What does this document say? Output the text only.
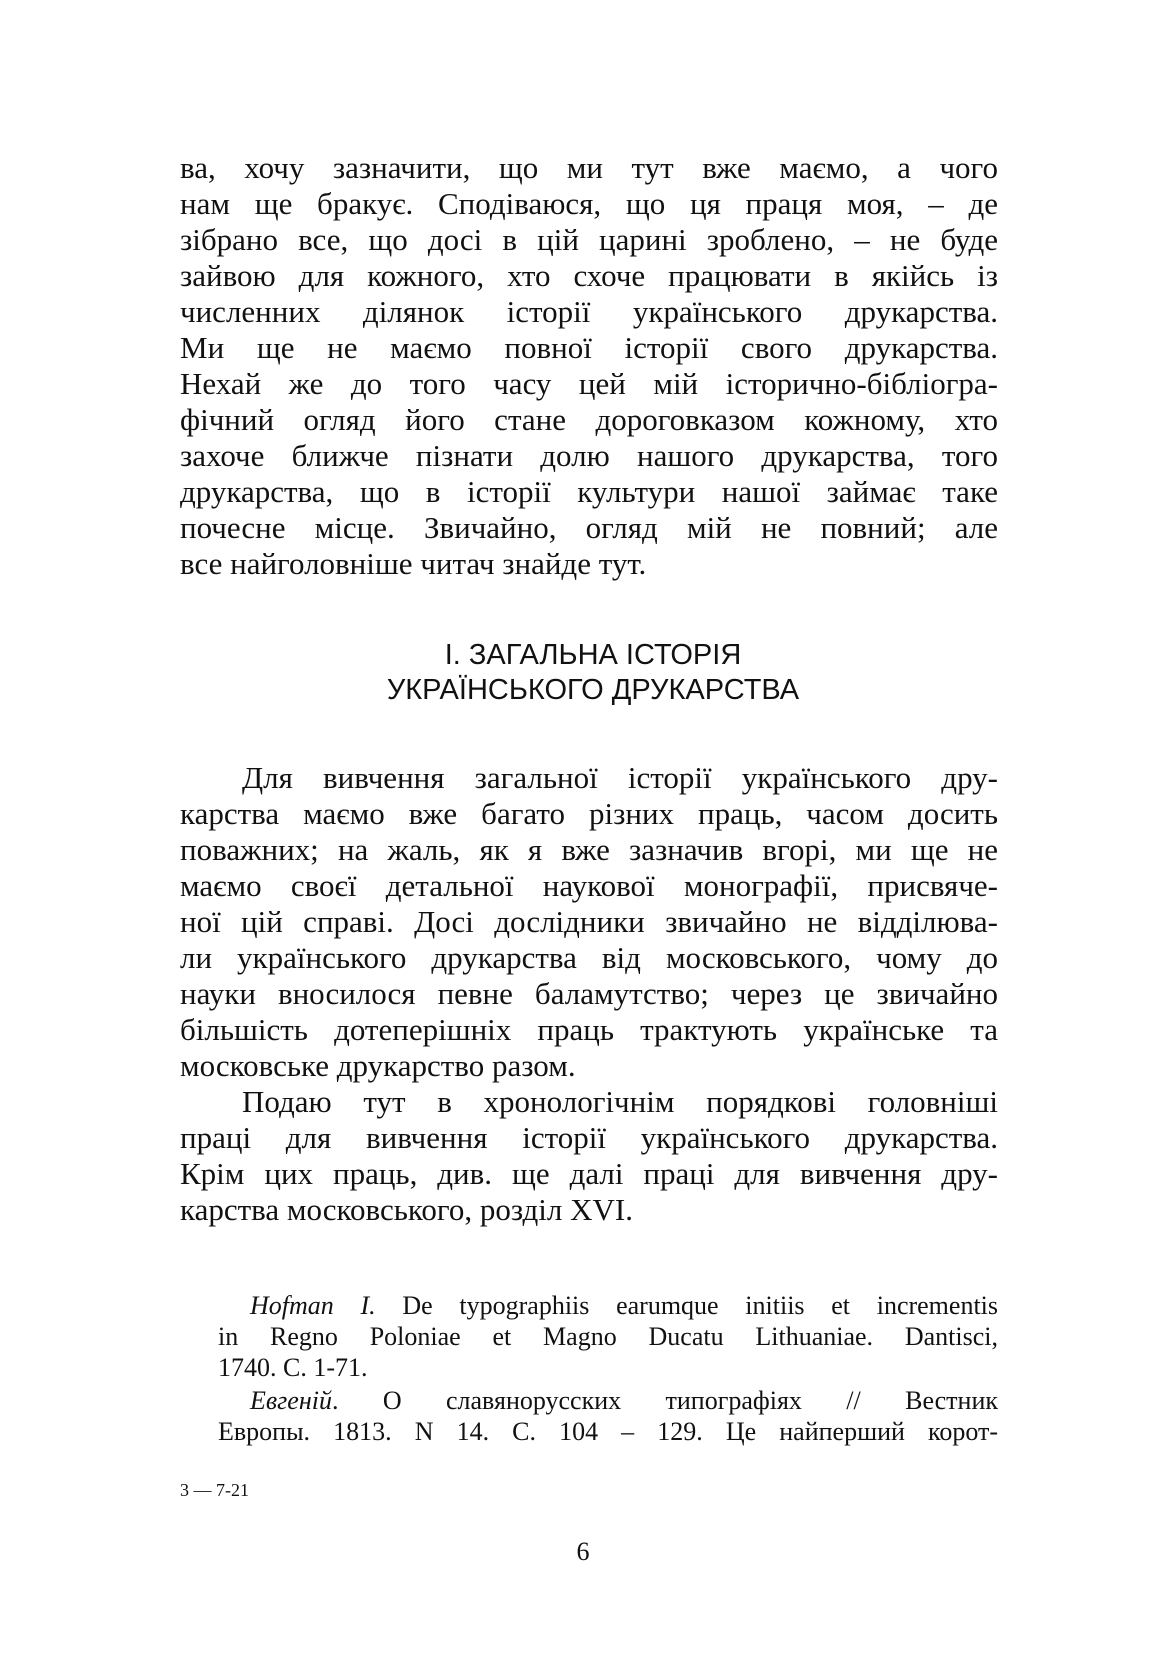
ва, хочу зазначити, що ми тут вже маємо, а чого
нам ще бракує. Сподіваюся, що ця праця моя, – де
зібрано все, що досі в цій царині зроблено, – не буде
зайвою для кожного, хто схоче працювати в якійсь із
численних ділянок історії українського друкарства.
Ми ще не маємо повної історії свого друкарства.
Нехай же до того часу цей мій історично-бібліогра-
фічний огляд його стане дороговказом кожному, хто
захоче ближче пізнати долю нашого друкарства, того
друкарства, що в історії культури нашої займає таке
почесне місце. Звичайно, огляд мій не повний; але
все найголовніше читач знайде тут.
І. ЗАГАЛЬНА ІСТОРІЯ
УКРАЇНСЬКОГО ДРУКАРСТВА
Для вивчення загальної історії українського дру-
карства маємо вже багато різних праць, часом досить
поважних; на жаль, як я вже зазначив вгорі, ми ще не
маємо своєї детальної наукової монографії, присвяче-
ної цій справі. Досі дослідники звичайно не відділюва-
ли українського друкарства від московського, чому до
науки вносилося певне баламутство; через це звичайно
більшість дотеперішніх праць трактують українське та
московське друкарство разом.
Подаю тут в хронологічнім порядкові головніші
праці для вивчення історії українського друкарства.
Крім цих праць, див. ще далі праці для вивчення дру-
карства московського, розділ XVI.
Hofman I. De typographiis earumque initiis et incrementis
in Regno Poloniae et Magno Ducatu Lithuaniae. Dantisci,
1740. C. 1-71.
Евгеній. О славянорусских типографіях // Вестник
Европы. 1813. N 14. С. 104 – 129. Це найперший корот-
3 — 7-21
6
